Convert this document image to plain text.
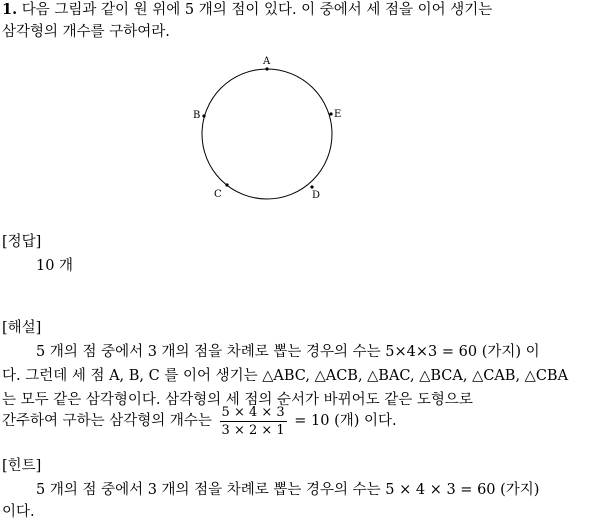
1. 다음 그림과 같이 원 위에 5 개의 점이 있다. 이 중에서 세 점을 이어 생기는
삼각형의 개수를 구하여라.
A
B
C	D
E
[정답]
10 개
[해설]
5 개의 점 중에서 3 개의 점을 차례로 뽑는 경우의 수는 5×4×3 = 60 (가지) 이
다. 그런데 세 점 A, B, C 를 이어 생기는 △ABC, △ACB, △BAC, △BCA, △CAB, △CBA
는 모두 같은 삼각형이다. 삼각형의 세 점의 순서가 바뀌어도 같은 도형으로
간주하여 구하는 삼각형의 개수는 $\frac{5 \times 4 \times 3}{3 \times 2 \times 1} = 10$ (개) 이다.
[힌트]
5 개의 점 중에서 3 개의 점을 차례로 뽑는 경우의 수는 5 × 4 × 3 = 60 (가지)
이다.
